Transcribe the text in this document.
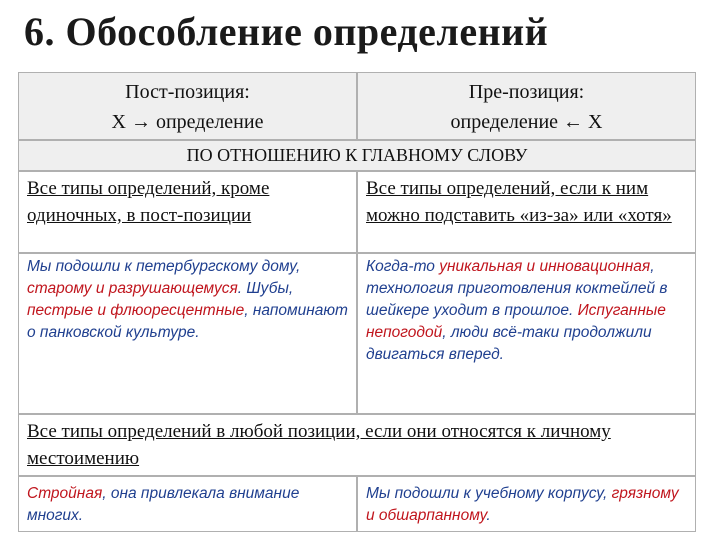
6. Обособление определений
Пост-позиция:
Х → определение
Пре-позиция:
определение ← Х
ПО ОТНОШЕНИЮ К ГЛАВНОМУ СЛОВУ
Все типы определений, кроме одиночных, в пост-позиции
Все типы определений, если к ним можно подставить «из-за» или «хотя»
Мы подошли к петербургскому дому, старому и разрушающемуся. Шубы, пестрые и флюоресцентные, напоминают о панковской культуре.
Когда-то уникальная и инновационная, технология приготовления коктейлей в шейкере уходит в прошлое. Испуганные непогодой, люди всё-таки продолжили двигаться вперед.
Все типы определений в любой позиции, если они относятся к личному местоимению
Стройная, она привлекала внимание многих.
Мы подошли к учебному корпусу, грязному и обшарпанному.
